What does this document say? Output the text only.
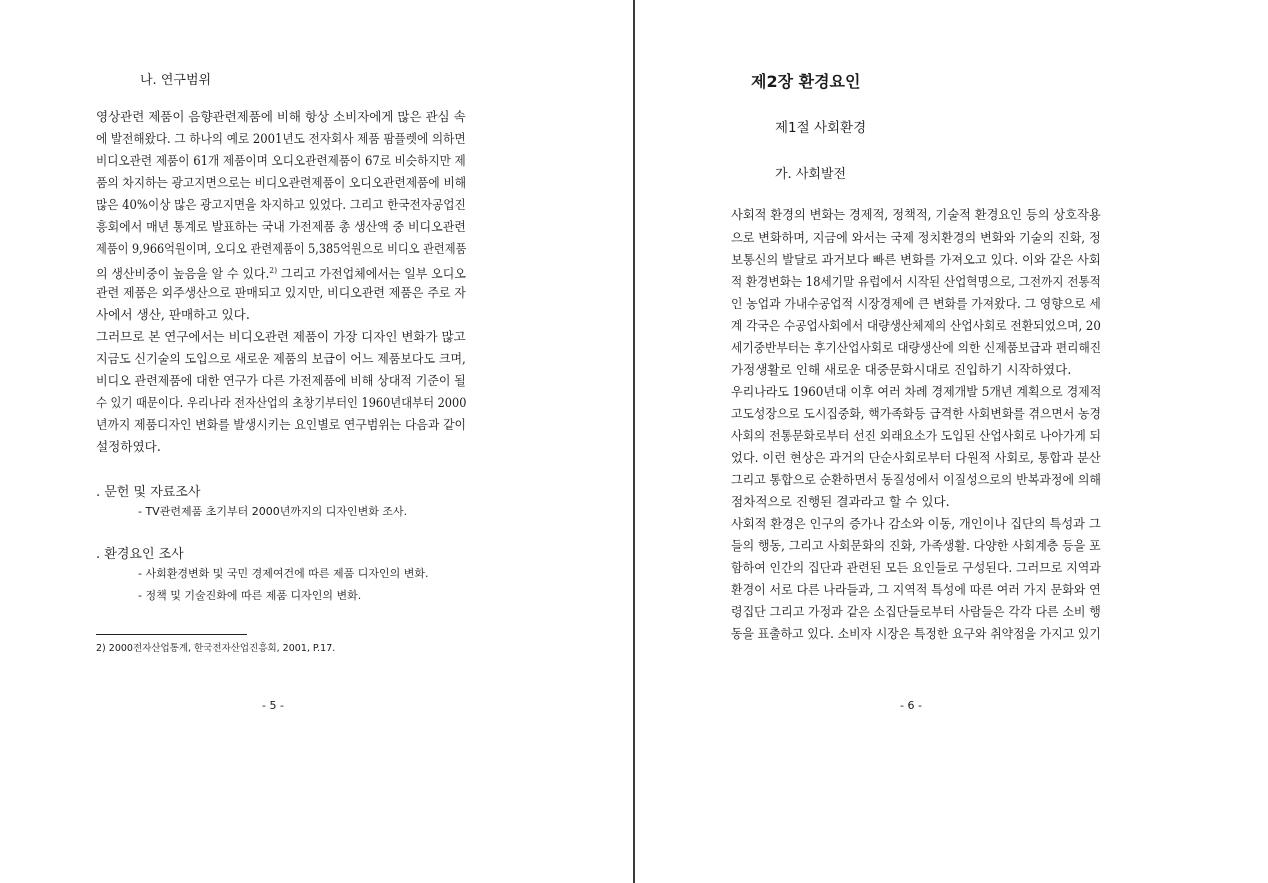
나. 연구범위
영상관련 제품이 음향관련제품에 비해 항상 소비자에게 많은 관심 속
에 발전해왔다. 그 하나의 예로 2001년도 전자회사 제품 팜플렛에 의하면
비디오관련 제품이 61개 제품이며 오디오관련제품이 67로 비슷하지만 제
품의 차지하는 광고지면으로는 비디오관련제품이 오디오관련제품에 비해
많은 40%이상 많은 광고지면을 차지하고 있었다. 그리고 한국전자공업진
흥회에서 매년 통계로 발표하는 국내 가전제품 총 생산액 중 비디오관련
제품이 9,966억원이며, 오디오 관련제품이 5,385억원으로 비디오 관련제품
의 생산비중이 높음을 알 수 있다.$^{2)}$ 그리고 가전업체에서는 일부 오디오
관련 제품은 외주생산으로 판매되고 있지만, 비디오관련 제품은 주로 자
사에서 생산, 판매하고 있다.
그러므로 본 연구에서는 비디오관련 제품이 가장 디자인 변화가 많고
지금도 신기술의 도입으로 새로운 제품의 보급이 어느 제품보다도 크며,
비디오 관련제품에 대한 연구가 다른 가전제품에 비해 상대적 기준이 될
수 있기 때문이다. 우리나라 전자산업의 초창기부터인 1960년대부터 2000
년까지 제품디자인 변화를 발생시키는 요인별로 연구범위는 다음과 같이
설정하였다.
. 문헌 및 자료조사
- TV관련제품 초기부터 2000년까지의 디자인변화 조사.
. 환경요인 조사
- 사회환경변화 및 국민 경제여건에 따른 제품 디자인의 변화.
- 정책 및 기술진화에 따른 제품 디자인의 변화.
2) 2000전자산업통계, 한국전자산업진흥회, 2001, P.17.
- 5 -
제2장 환경요인
제1절 사회환경
가. 사회발전
사회적 환경의 변화는 경제적, 정책적, 기술적 환경요인 등의 상호작용
으로 변화하며, 지금에 와서는 국제 정치환경의 변화와 기술의 진화, 정
보통신의 발달로 과거보다 빠른 변화를 가져오고 있다. 이와 같은 사회
적 환경변화는 18세기말 유럽에서 시작된 산업혁명으로, 그전까지 전통적
인 농업과 가내수공업적 시장경제에 큰 변화를 가져왔다. 그 영향으로 세
계 각국은 수공업사회에서 대량생산체제의 산업사회로 전환되었으며, 20
세기중반부터는 후기산업사회로 대량생산에 의한 신제품보급과 편리해진
가정생활로 인해 새로운 대중문화시대로 진입하기 시작하였다.
우리나라도 1960년대 이후 여러 차례 경제개발 5개년 계획으로 경제적
고도성장으로 도시집중화, 핵가족화등 급격한 사회변화를 겪으면서 농경
사회의 전통문화로부터 선진 외래요소가 도입된 산업사회로 나아가게 되
었다. 이런 현상은 과거의 단순사회로부터 다원적 사회로, 통합과 분산
그리고 통합으로 순환하면서 동질성에서 이질성으로의 반복과정에 의해
점차적으로 진행된 결과라고 할 수 있다.
사회적 환경은 인구의 증가나 감소와 이동, 개인이나 집단의 특성과 그
들의 행동, 그리고 사회문화의 진화, 가족생활. 다양한 사회계층 등을 포
함하여 인간의 집단과 관련된 모든 요인들로 구성된다. 그러므로 지역과
환경이 서로 다른 나라들과, 그 지역적 특성에 따른 여러 가지 문화와 연
령집단 그리고 가정과 같은 소집단들로부터 사람들은 각각 다른 소비 행
동을 표출하고 있다. 소비자 시장은 특정한 요구와 취약점을 가지고 있기
- 6 -
